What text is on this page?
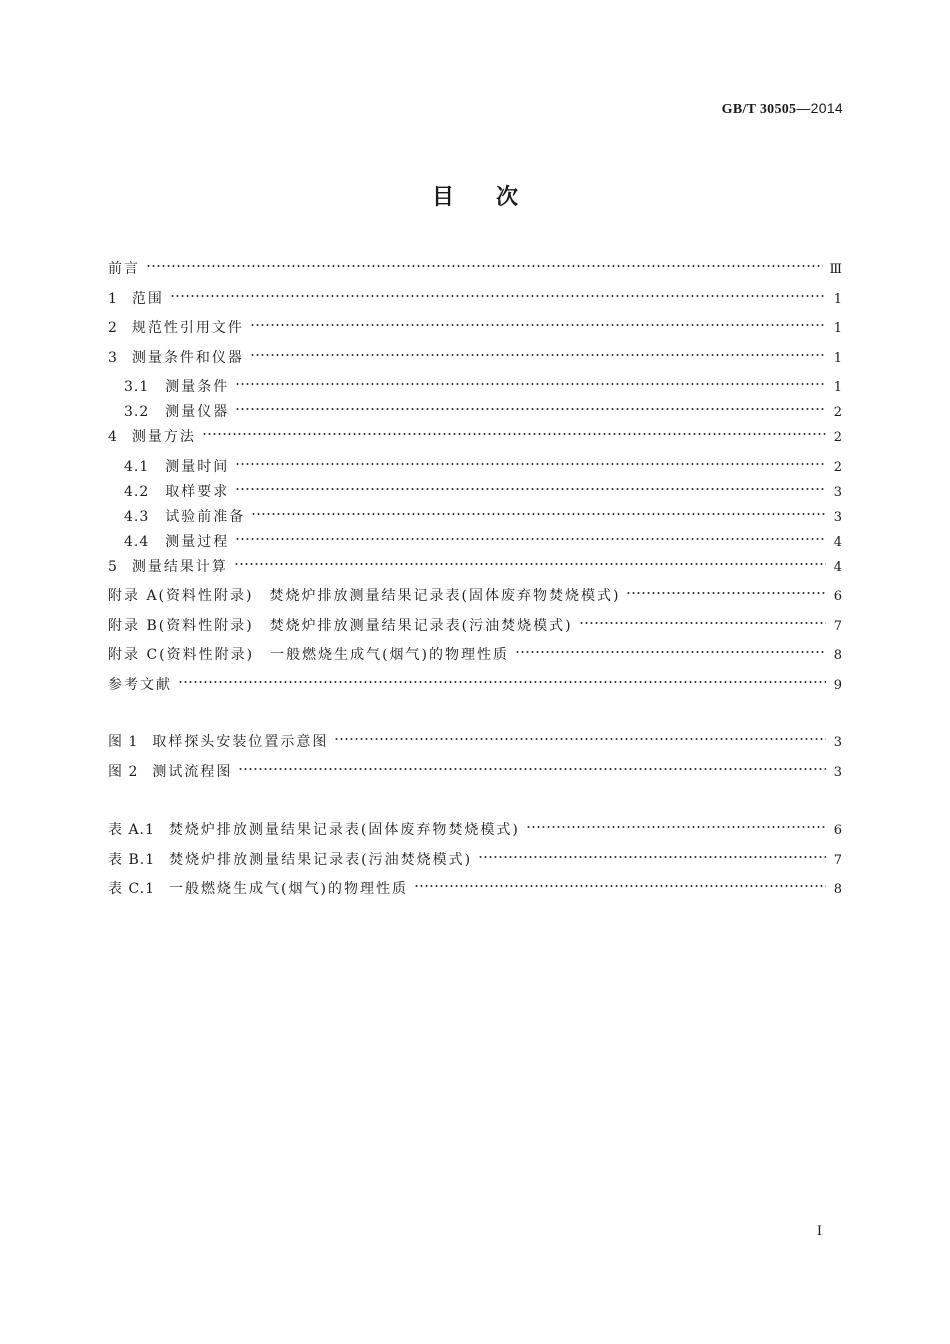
GB/T 30505—2014
目次
前言	Ⅲ
1 范围	1
2 规范性引用文件	1
3 测量条件和仪器	1
3.1 测量条件	1
3.2 测量仪器	2
4 测量方法	2
4.1 测量时间	2
4.2 取样要求	3
4.3 试验前准备	3
4.4 测量过程	4
5 测量结果计算	4
附录 A(资料性附录)　焚烧炉排放测量结果记录表(固体废弃物焚烧模式)	6
附录 B(资料性附录)　焚烧炉排放测量结果记录表(污油焚烧模式)	7
附录 C(资料性附录)　一般燃烧生成气(烟气)的物理性质	8
参考文献	9
图 1 取样探头安装位置示意图	3
图 2 测试流程图	3
表 A.1 焚烧炉排放测量结果记录表(固体废弃物焚烧模式)	6
表 B.1 焚烧炉排放测量结果记录表(污油焚烧模式)	7
表 C.1 一般燃烧生成气(烟气)的物理性质	8
I
